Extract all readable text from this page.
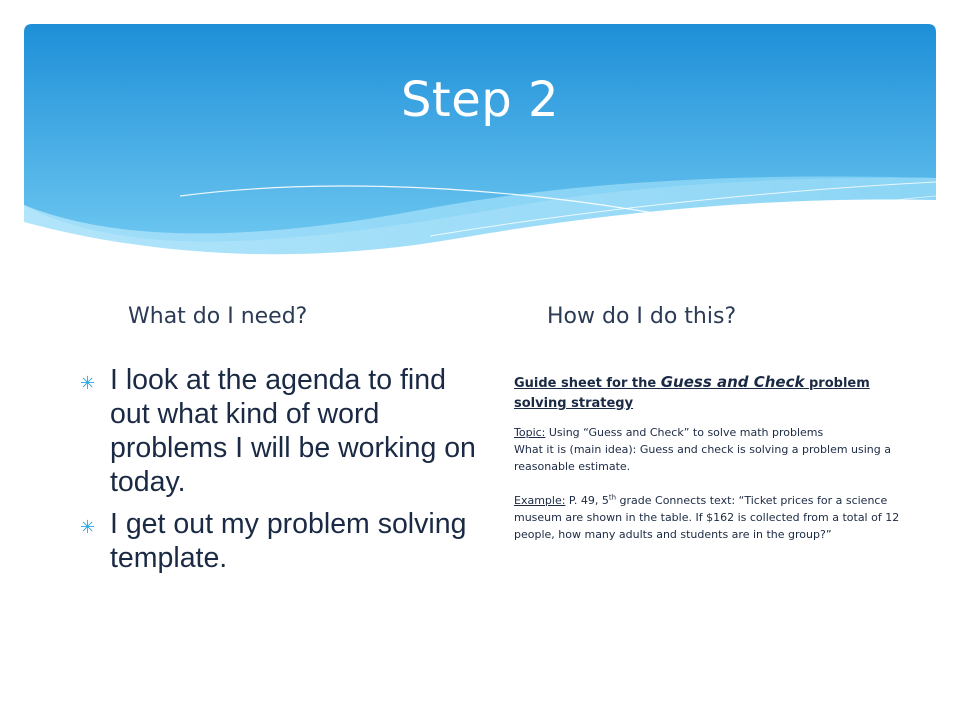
Step 2
What do I need?	How do I do this?
✳ I look at the agenda to find out what kind of word problems I will be working on today.
✳ I get out my problem solving template.

Guide sheet for the Guess and Check problem solving strategy

Topic: Using “Guess and Check” to solve math problems

What it is (main idea): Guess and check is solving a problem using a reasonable estimate.

Example: P. 49, 5th grade Connects text: “Ticket prices for a science museum are shown in the table. If $162 is collected from a total of 12 people, how many adults and students are in the group?”
